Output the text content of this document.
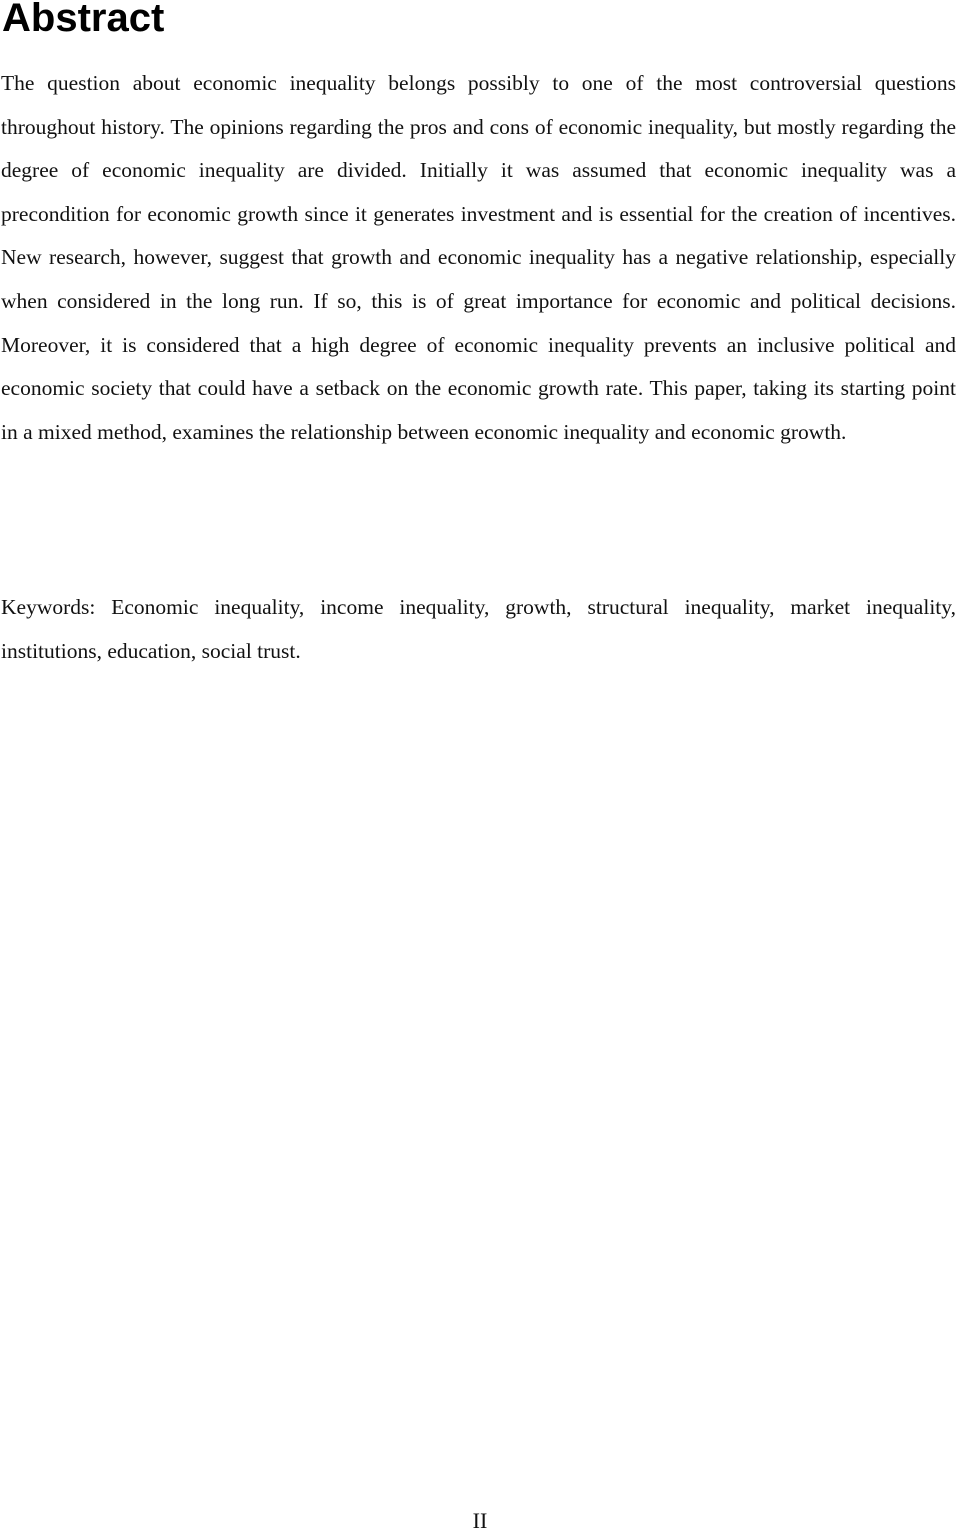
Abstract

The question about economic inequality belongs possibly to one of the most controversial questions throughout history. The opinions regarding the pros and cons of economic inequality, but mostly regarding the degree of economic inequality are divided. Initially it was assumed that economic inequality was a precondition for economic growth since it generates investment and is essential for the creation of incentives. New research, however, suggest that growth and economic inequality has a negative relationship, especially when considered in the long run. If so, this is of great importance for economic and political decisions. Moreover, it is considered that a high degree of economic inequality prevents an inclusive political and economic society that could have a setback on the economic growth rate. This paper, taking its starting point in a mixed method, examines the relationship between economic inequality and economic growth.

Keywords: Economic inequality, income inequality, growth, structural inequality, market inequality, institutions, education, social trust.

II
